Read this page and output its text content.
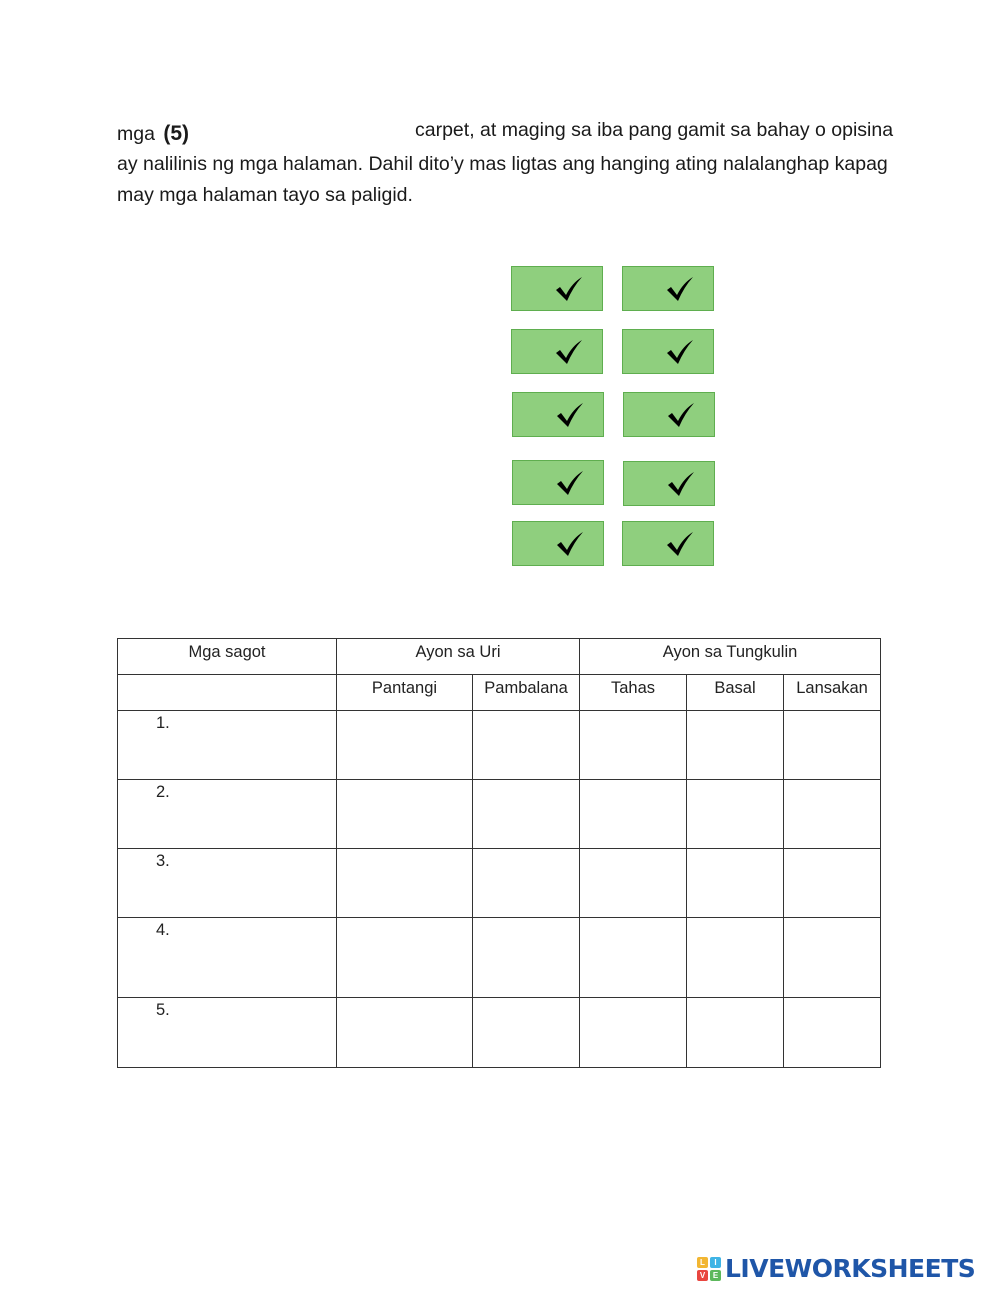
mga (5)	carpet, at maging sa iba pang gamit sa bahay o opisina
ay nalilinis ng mga halaman. Dahil dito’y mas ligtas ang hanging ating nalalanghap kapag
may mga halaman tayo sa paligid.
Mga sagot	Ayon sa Uri		Ayon sa Tungkulin		
	Pantangi	Pambalana	Tahas	Basal	Lansakan
1.					
2.					
3.					
4.					
5.					
L	I
V E LIVEWORKSHEETS
